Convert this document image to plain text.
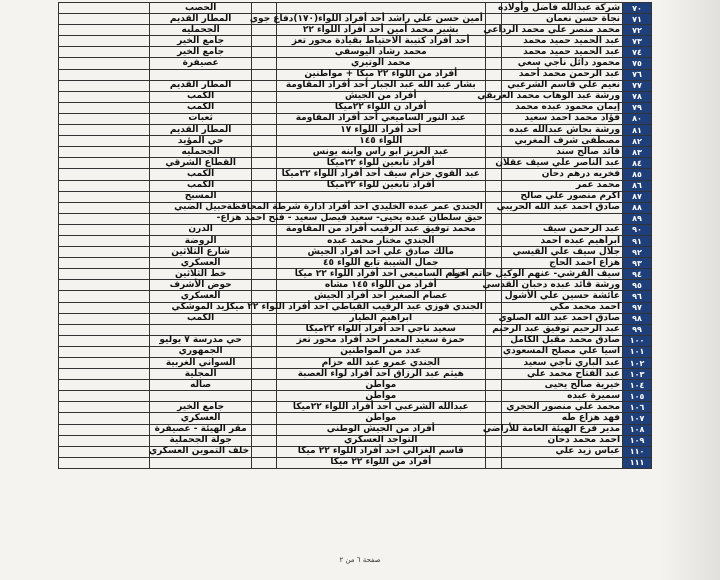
٧٠	شركة عبدالله فاضل وأولاده				الحصب	
٧١	نجاة حسن نعمان		أمين حسن علي راشد أحد أفراد اللواء(١٧٠)دفاع جوي		المطار القديم	
٧٢	محمد منصر علي محمد الرداعي		بشير محمد أمين أحد أفراد اللواء ٢٢		الجحمليه	
٧٣	عبد الحميد حميد محمد		أحد أفراد كتيبة الاحتياط بقيادة محور تعز		جامع الخير	
٧٤	عبد الحميد حميد محمد		محمد رشاد اليوسفي		جامع الخير	
٧٥	محمود دائل ناجي سعي		محمد الوتيري		عصيفرة	
٧٦	عبد الرحمن محمد أحمد		أفراد من اللواء ٢٢ ميكا + مواطنين			
٧٧	نعيم علي قاسم الشرعبي		بشار عبد الله عبد الجبار أحد أفراد المقاومة		المطار القديم	
٧٨	ورشة عبد الوهاب محمد العريقي		أفراد من الجيش		الكمب	
٧٩	إيمان محمود عبده محمد		أفراد ن اللواء ٢٢ميكا		الكمب	
٨٠	فؤاد محمد احمد سعيد		عبد النور الساميعي أحد أفراد المقاومة		ثعبات	
٨١	ورشة بجاش عبدالله عبده		أحد أفراد اللواء ١٧		المطار القديم	
٨٢	مصطفى شرف المغربي		اللواء ١٤٥		حي المؤيد	
٨٣	قائد صالح سند		عبد العزيز ابو راس وابنه يونس		الجحمليه	
٨٤	عبد الناصر علي سيف عقلان		أفراد تابعين للواء ٢٢ميكا		القطاع الشرقي	
٨٥	فخريه درهم دحان		عبد القوي حزام سيف أحد أفراد اللواء ٢٢ميكا		الكمب	
٨٦	محمد عمر		أفراد تابعين للواء ٢٢ميكا		الكمب	
٨٧	اكرم منصور علي صالح				المسبح	
٨٨	صادق احمد عبد الله الحريبي		الجندي عمر عبده الخليدي احد أفراد ادارة شرطة المحافظة		حبيل الضبي	
٨٩			حيق سلطان عبده يحيى- سعيد فيصل سعيد - فتح احمد هزاع-			
٩٠	عبد الرحمن سيف		محمد توفيق عبد الرقيب أفراد من المقاومة		الدرن	
٩١	ابراهيم عبده احمد		الجندي مختار محمد عبده		الروضة	
٩٢	جلال سيف علي القيسي		مالك صادق علي احد أفراد الجيش		شارع الثلاثين	
٩٣	هزاع احمد الحاج		جمال الشيبة تابع اللواء ٤٥		العسكري	
٩٤	سيف القرشي- عنهم الوكيل حاتم احمد		عزام الساميعي احد أفراد اللواء ٢٢ ميكا		خط الثلاثين	
٩٥	ورشة قائد عبده دحبان القدسي		أفراد من اللواء ١٤٥ مشاه		حوض الأشرف	
٩٦	عائشة حسين علي الأشول		عصام الصغير احد أفراد الجيش		العسكري	
٩٧	احمد محمد مكي		الجندي فوزي عبد الرقيب القباطي احد أفراد اللواء ٢٢ ميكا		زيد الموشكي	
٩٨	صادق احمد عبد الله الصلوي		ابراهيم الطيار		الكمب	
٩٩	عبد الرحيم توفيق عبد الرحيم		سعيد ناجي احد أفراد اللواء ٢٢ميكا			
١٠٠	صادق محمد مقبل الكامل		حمزة سعيد المعمر احد أفراد محور تعز		حي مدرسة ٧ يوليو	
١٠١	اسيا علي مصلح المسعودي		عدد من المواطنين		الجمهوري	
١٠٢	عبد الباري ناجي سعيد		الجندي عمرو عبد الله حزام		السواني الغربية	
١٠٣	عبد الفتاح محمد علي		هيثم عبد الرزاق احد أفراد لواء العصبة		المجلية	
١٠٤	خيرية صالح يحيى		مواطن		صاله	
١٠٥	سميرة عبده		مواطن			
١٠٦	محمد علي منصور الحجري		عبدالله الشرعبي احد أفراد اللواء ٢٢ميكا		جامع الخير	
١٠٧	فهد هزاع طه		مواطن		العسكري	
١٠٨	مدير فرع الهيئة العامة للأراضي		أفراد من الجيش الوطني		مقر الهيئة - عصيفرة	
١٠٩	احمد محمد دحان		التواجد العسكري		جولة الجحملية	
١١٠	عباس زيد علي		قاسم الغزالي احد أفراد اللواء ٢٢ ميكا		خلف التموين العسكري	
١١١			أفراد من اللواء ٢٢ ميكا			
صفحة ٦ من ٢
